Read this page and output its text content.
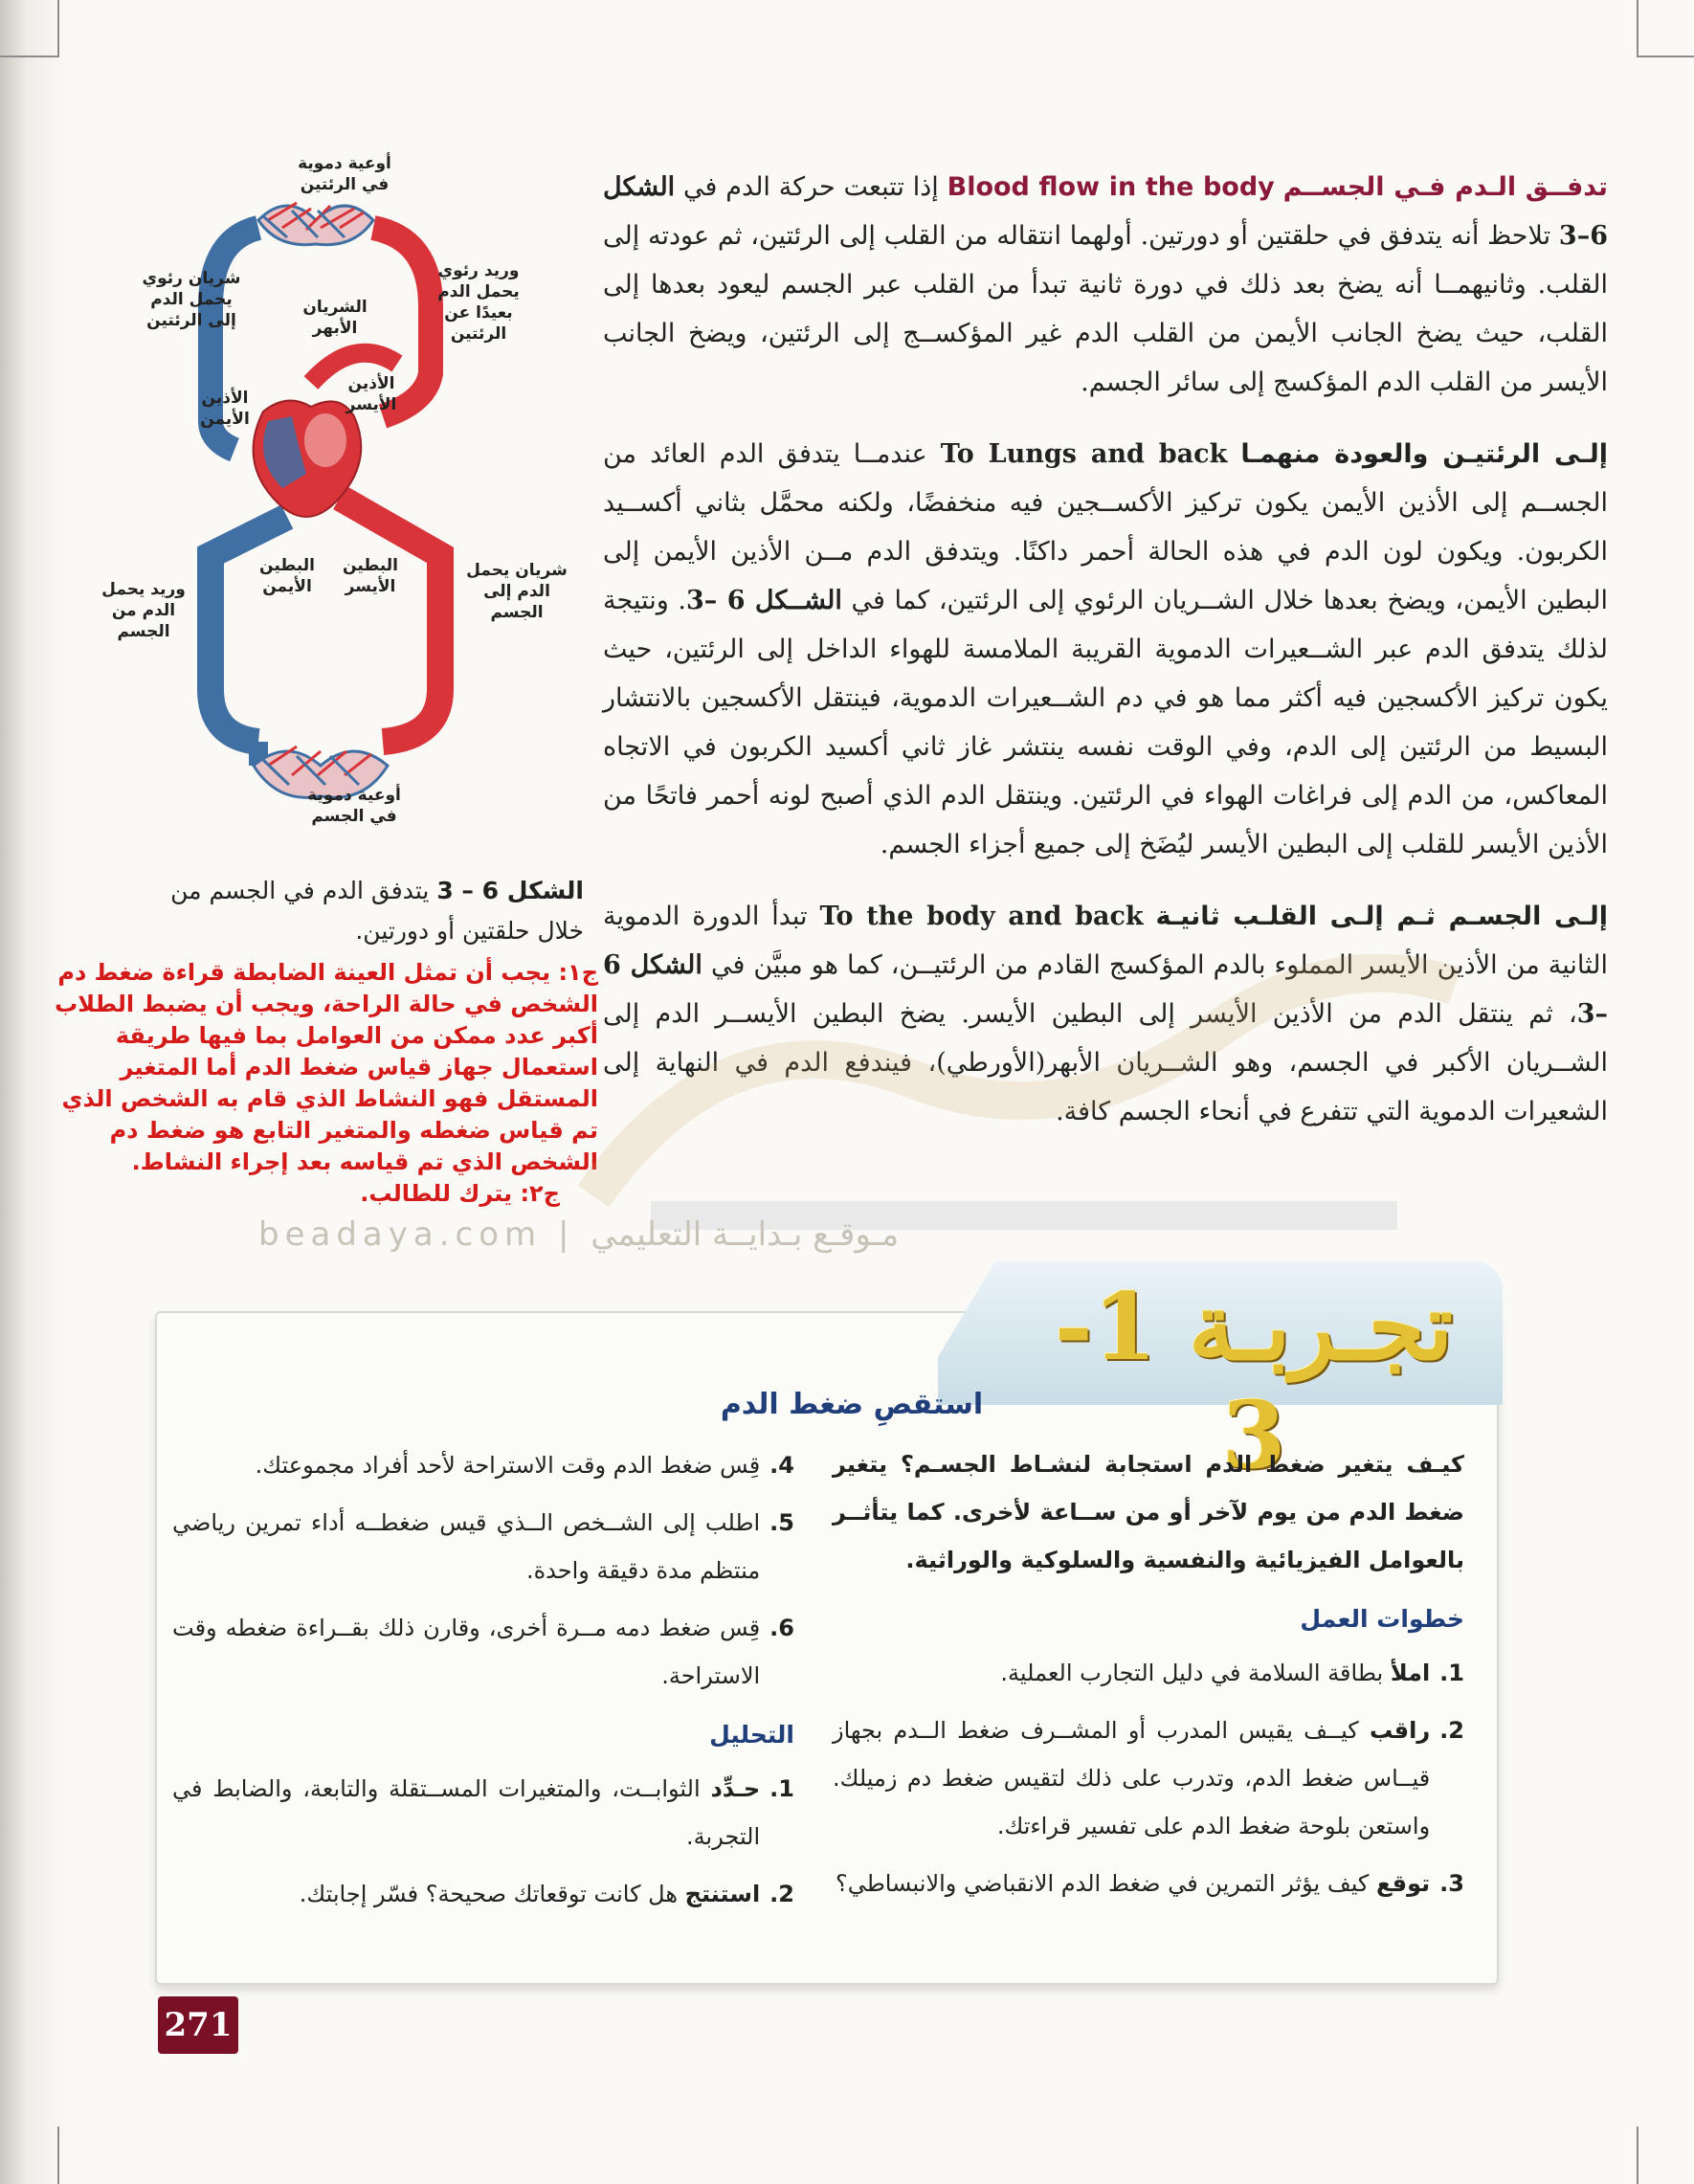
تدفــق الـدم فـي الجســم Blood flow in the body إذا تتبعت حركة الدم في الشكل 6–3 تلاحظ أنه يتدفق في حلقتين أو دورتين. أولهما انتقاله من القلب إلى الرئتين، ثم عودته إلى القلب. وثانيهمــا أنه يضخ بعد ذلك في دورة ثانية تبدأ من القلب عبر الجسم ليعود بعدها إلى القلب، حيث يضخ الجانب الأيمن من القلب الدم غير المؤكســج إلى الرئتين، ويضخ الجانب الأيسر من القلب الدم المؤكسج إلى سائر الجسم.

إلـى الرئتيـن والعودة منهمـا To Lungs and back عندمــا يتدفق الدم العائد من الجســم إلى الأذين الأيمن يكون تركيز الأكســجين فيه منخفضًا، ولكنه محمَّل بثاني أكســيد الكربون. ويكون لون الدم في هذه الحالة أحمر داكنًا. ويتدفق الدم مــن الأذين الأيمن إلى البطين الأيمن، ويضخ بعدها خلال الشــريان الرئوي إلى الرئتين، كما في الشــكل 6 –3. ونتيجة لذلك يتدفق الدم عبر الشــعيرات الدموية القريبة الملامسة للهواء الداخل إلى الرئتين، حيث يكون تركيز الأكسجين فيه أكثر مما هو في دم الشــعيرات الدموية، فينتقل الأكسجين بالانتشار البسيط من الرئتين إلى الدم، وفي الوقت نفسه ينتشر غاز ثاني أكسيد الكربون في الاتجاه المعاكس، من الدم إلى فراغات الهواء في الرئتين. وينتقل الدم الذي أصبح لونه أحمر فاتحًا من الأذين الأيسر للقلب إلى البطين الأيسر ليُضَخ إلى جميع أجزاء الجسم.

إلـى الجسـم ثـم إلـى القلـب ثانيـة To the body and back تبدأ الدورة الدموية الثانية من الأذين الأيسر المملوء بالدم المؤكسج القادم من الرئتيــن، كما هو مبيَّن في الشكل 6 –3، ثم ينتقل الدم من الأذين الأيسر إلى البطين الأيسر. يضخ البطين الأيســر الدم إلى الشــريان الأكبر في الجسم، وهو الشــريان الأبهر(الأورطي)، فيندفع الدم في النهاية إلى الشعيرات الدموية التي تتفرع في أنحاء الجسم كافة.

أوعية دموية في الرئتين
شريان رئوي يحمل الدم إلى الرئتين
الشريان الأبهر
وريد رئوي يحمل الدم بعيدًا عن الرئتين
الأذين الأيسر
الأذين الأيمن
البطين الأيمن
البطين الأيسر
وريد يحمل الدم من الجسم
شريان يحمل الدم إلى الجسم
أوعية دموية في الجسم
الشكل 6 – 3 يتدفق الدم في الجسم من خلال حلقتين أو دورتين.
ج١: يجب أن تمثل العينة الضابطة قراءة ضغط دم الشخص في حالة الراحة، ويجب أن يضبط الطلاب أكبر عدد ممكن من العوامل بما فيها طريقة استعمال جهاز قياس ضغط الدم أما المتغير المستقل فهو النشاط الذي قام به الشخص الذي تم قياس ضغطه والمتغير التابع هو ضغط دم الشخص الذي تم قياسه بعد إجراء النشاط.
ج٢: يترك للطالب.
beadaya.com | مـوقـع بـدايــة التعليمي
تجـربـة 1-3
استقصِ ضغط الدم

كيـف يتغير ضغط الدم استجابة لنشـاط الجسـم؟ يتغير ضغط الدم من يوم لآخر أو من ســاعة لأخرى. كما يتأثــر بالعوامل الفيزيائية والنفسية والسلوكية والوراثية.

خطوات العمل
1.
املأ بطاقة السلامة في دليل التجارب العملية.
2.
راقب كيــف يقيس المدرب أو المشــرف ضغط الــدم بجهاز قيــاس ضغط الدم، وتدرب على ذلك لتقيس ضغط دم زميلك. واستعن بلوحة ضغط الدم على تفسير قراءتك.
3.
توقع كيف يؤثر التمرين في ضغط الدم الانقباضي والانبساطي؟
4.
قِس ضغط الدم وقت الاستراحة لأحد أفراد مجموعتك.
5.
اطلب إلى الشــخص الــذي قيس ضغطــه أداء تمرين رياضي منتظم مدة دقيقة واحدة.
6.
قِس ضغط دمه مــرة أخرى، وقارن ذلك بقــراءة ضغطه وقت الاستراحة.
التحليل
1.
حـدِّد الثوابــت، والمتغيرات المســتقلة والتابعة، والضابط في التجربة.
2.
استنتج هل كانت توقعاتك صحيحة؟ فسّر إجابتك.
271
